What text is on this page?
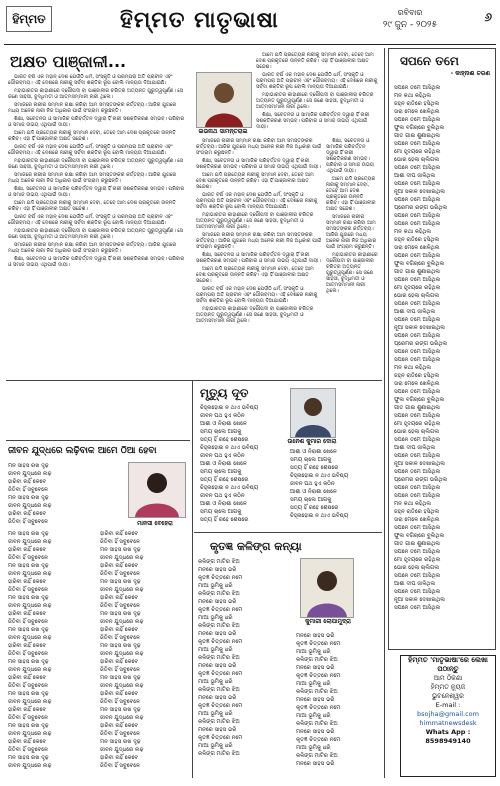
ହିମ୍ମତ	ହିମ୍ମତ ମାତୃଭାଷା	ରବିବାର
୨୯ ଜୁନ - ୨୦୨୫
୬
ଅକ୍ଷତ ପାଞ୍ଜାଳୀ...
ଇଭନାଥ ସାମନ୍ତରାଇ

ଭାରତ ବର୍ଷ ଏକ ମହାନ୍ ଦେଶ ଯେଉଁଠି ଧର୍ମ, ସଂସ୍କୃତି ଓ ପରମ୍ପରା ଅତି ପ୍ରାଚୀନ ଏବଂ ଗୌରବମୟ। ଏହି ଦେଶରେ ନାରୀକୁ ସର୍ବଦା ଶକ୍ତିର ରୂପ ବୋଲି ମାନ୍ୟତା ଦିଆଯାଇଛି।

ମହାଭାରତର କାହାଣୀରେ ଦ୍ରୌପଦୀ ବା ପାଞ୍ଜାଳୀର ଚରିତ୍ର ଅତ୍ୟନ୍ତ ଗୁରୁତ୍ୱପୂର୍ଣ୍ଣ। ସେ ଜଣେ ସାହସୀ, ବୁଦ୍ଧିମତୀ ଓ ଆତ୍ମସମ୍ମାନୀ ନାରୀ ଥିଲେ।

ସମାଜରେ ନାରୀର ସମ୍ମାନ ରକ୍ଷା କରିବା ଆମ ସମସ୍ତଙ୍କର କର୍ତ୍ତବ୍ୟ। ଆଜିର ଯୁଗରେ ମଧ୍ୟ ଅନେକ ନାରୀ ନିଜ ଅଧିକାର ପାଇଁ ସଂଗ୍ରାମ କରୁଛନ୍ତି।

ଶିକ୍ଷା, ସଚେତନତା ଓ ସାମାଜିକ ପରିବର୍ତ୍ତନ ଦ୍ୱାରା ହିଁ ନାରୀ ସଶକ୍ତିକରଣ ସମ୍ଭବ। ପରିବାର ଓ ସମାଜ ଉଭୟ ଏଥିପାଇଁ ଦାୟୀ।

ଆମେ ଯଦି ପ୍ରତ୍ୟେକ ନାରୀକୁ ସମ୍ମାନ ଦେବା, ତେବେ ଆମ ଦେଶ ପ୍ରକୃତରେ ଉନ୍ନତି କରିବ। ଏହା ହିଁ ପାଞ୍ଜାଳୀର ଅକ୍ଷତ ସନ୍ଦେଶ।

ଭାରତ ବର୍ଷ ଏକ ମହାନ୍ ଦେଶ ଯେଉଁଠି ଧର୍ମ, ସଂସ୍କୃତି ଓ ପରମ୍ପରା ଅତି ପ୍ରାଚୀନ ଏବଂ ଗୌରବମୟ। ଏହି ଦେଶରେ ନାରୀକୁ ସର୍ବଦା ଶକ୍ତିର ରୂପ ବୋଲି ମାନ୍ୟତା ଦିଆଯାଇଛି।

ମହାଭାରତର କାହାଣୀରେ ଦ୍ରୌପଦୀ ବା ପାଞ୍ଜାଳୀର ଚରିତ୍ର ଅତ୍ୟନ୍ତ ଗୁରୁତ୍ୱପୂର୍ଣ୍ଣ। ସେ ଜଣେ ସାହସୀ, ବୁଦ୍ଧିମତୀ ଓ ଆତ୍ମସମ୍ମାନୀ ନାରୀ ଥିଲେ।

ସମାଜରେ ନାରୀର ସମ୍ମାନ ରକ୍ଷା କରିବା ଆମ ସମସ୍ତଙ୍କର କର୍ତ୍ତବ୍ୟ। ଆଜିର ଯୁଗରେ ମଧ୍ୟ ଅନେକ ନାରୀ ନିଜ ଅଧିକାର ପାଇଁ ସଂଗ୍ରାମ କରୁଛନ୍ତି।

ଶିକ୍ଷା, ସଚେତନତା ଓ ସାମାଜିକ ପରିବର୍ତ୍ତନ ଦ୍ୱାରା ହିଁ ନାରୀ ସଶକ୍ତିକରଣ ସମ୍ଭବ। ପରିବାର ଓ ସମାଜ ଉଭୟ ଏଥିପାଇଁ ଦାୟୀ।

ଆମେ ଯଦି ପ୍ରତ୍ୟେକ ନାରୀକୁ ସମ୍ମାନ ଦେବା, ତେବେ ଆମ ଦେଶ ପ୍ରକୃତରେ ଉନ୍ନତି କରିବ। ଏହା ହିଁ ପାଞ୍ଜାଳୀର ଅକ୍ଷତ ସନ୍ଦେଶ।

ଭାରତ ବର୍ଷ ଏକ ମହାନ୍ ଦେଶ ଯେଉଁଠି ଧର୍ମ, ସଂସ୍କୃତି ଓ ପରମ୍ପରା ଅତି ପ୍ରାଚୀନ ଏବଂ ଗୌରବମୟ। ଏହି ଦେଶରେ ନାରୀକୁ ସର୍ବଦା ଶକ୍ତିର ରୂପ ବୋଲି ମାନ୍ୟତା ଦିଆଯାଇଛି।

ମହାଭାରତର କାହାଣୀରେ ଦ୍ରୌପଦୀ ବା ପାଞ୍ଜାଳୀର ଚରିତ୍ର ଅତ୍ୟନ୍ତ ଗୁରୁତ୍ୱପୂର୍ଣ୍ଣ। ସେ ଜଣେ ସାହସୀ, ବୁଦ୍ଧିମତୀ ଓ ଆତ୍ମସମ୍ମାନୀ ନାରୀ ଥିଲେ।

ସମାଜରେ ନାରୀର ସମ୍ମାନ ରକ୍ଷା କରିବା ଆମ ସମସ୍ତଙ୍କର କର୍ତ୍ତବ୍ୟ। ଆଜିର ଯୁଗରେ ମଧ୍ୟ ଅନେକ ନାରୀ ନିଜ ଅଧିକାର ପାଇଁ ସଂଗ୍ରାମ କରୁଛନ୍ତି।

ଶିକ୍ଷା, ସଚେତନତା ଓ ସାମାଜିକ ପରିବର୍ତ୍ତନ ଦ୍ୱାରା ହିଁ ନାରୀ ସଶକ୍ତିକରଣ ସମ୍ଭବ। ପରିବାର ଓ ସମାଜ ଉଭୟ ଏଥିପାଇଁ ଦାୟୀ।

ସମାଜରେ ନାରୀର ସମ୍ମାନ ରକ୍ଷା କରିବା ଆମ ସମସ୍ତଙ୍କର କର୍ତ୍ତବ୍ୟ। ଆଜିର ଯୁଗରେ ମଧ୍ୟ ଅନେକ ନାରୀ ନିଜ ଅଧିକାର ପାଇଁ ସଂଗ୍ରାମ କରୁଛନ୍ତି।

ଶିକ୍ଷା, ସଚେତନତା ଓ ସାମାଜିକ ପରିବର୍ତ୍ତନ ଦ୍ୱାରା ହିଁ ନାରୀ ସଶକ୍ତିକରଣ ସମ୍ଭବ। ପରିବାର ଓ ସମାଜ ଉଭୟ ଏଥିପାଇଁ ଦାୟୀ।

ଆମେ ଯଦି ପ୍ରତ୍ୟେକ ନାରୀକୁ ସମ୍ମାନ ଦେବା, ତେବେ ଆମ ଦେଶ ପ୍ରକୃତରେ ଉନ୍ନତି କରିବ। ଏହା ହିଁ ପାଞ୍ଜାଳୀର ଅକ୍ଷତ ସନ୍ଦେଶ।

ଭାରତ ବର୍ଷ ଏକ ମହାନ୍ ଦେଶ ଯେଉଁଠି ଧର୍ମ, ସଂସ୍କୃତି ଓ ପରମ୍ପରା ଅତି ପ୍ରାଚୀନ ଏବଂ ଗୌରବମୟ। ଏହି ଦେଶରେ ନାରୀକୁ ସର୍ବଦା ଶକ୍ତିର ରୂପ ବୋଲି ମାନ୍ୟତା ଦିଆଯାଇଛି।

ମହାଭାରତର କାହାଣୀରେ ଦ୍ରୌପଦୀ ବା ପାଞ୍ଜାଳୀର ଚରିତ୍ର ଅତ୍ୟନ୍ତ ଗୁରୁତ୍ୱପୂର୍ଣ୍ଣ। ସେ ଜଣେ ସାହସୀ, ବୁଦ୍ଧିମତୀ ଓ ଆତ୍ମସମ୍ମାନୀ ନାରୀ ଥିଲେ।

ସମାଜରେ ନାରୀର ସମ୍ମାନ ରକ୍ଷା କରିବା ଆମ ସମସ୍ତଙ୍କର କର୍ତ୍ତବ୍ୟ। ଆଜିର ଯୁଗରେ ମଧ୍ୟ ଅନେକ ନାରୀ ନିଜ ଅଧିକାର ପାଇଁ ସଂଗ୍ରାମ କରୁଛନ୍ତି।

ଶିକ୍ଷା, ସଚେତନତା ଓ ସାମାଜିକ ପରିବର୍ତ୍ତନ ଦ୍ୱାରା ହିଁ ନାରୀ ସଶକ୍ତିକରଣ ସମ୍ଭବ। ପରିବାର ଓ ସମାଜ ଉଭୟ ଏଥିପାଇଁ ଦାୟୀ।

ଆମେ ଯଦି ପ୍ରତ୍ୟେକ ନାରୀକୁ ସମ୍ମାନ ଦେବା, ତେବେ ଆମ ଦେଶ ପ୍ରକୃତରେ ଉନ୍ନତି କରିବ। ଏହା ହିଁ ପାଞ୍ଜାଳୀର ଅକ୍ଷତ ସନ୍ଦେଶ।

ଭାରତ ବର୍ଷ ଏକ ମହାନ୍ ଦେଶ ଯେଉଁଠି ଧର୍ମ, ସଂସ୍କୃତି ଓ ପରମ୍ପରା ଅତି ପ୍ରାଚୀନ ଏବଂ ଗୌରବମୟ। ଏହି ଦେଶରେ ନାରୀକୁ ସର୍ବଦା ଶକ୍ତିର ରୂପ ବୋଲି ମାନ୍ୟତା ଦିଆଯାଇଛି।

ମହାଭାରତର କାହାଣୀରେ ଦ୍ରୌପଦୀ ବା ପାଞ୍ଜାଳୀର ଚରିତ୍ର ଅତ୍ୟନ୍ତ ଗୁରୁତ୍ୱପୂର୍ଣ୍ଣ। ସେ ଜଣେ ସାହସୀ, ବୁଦ୍ଧିମତୀ ଓ ଆତ୍ମସମ୍ମାନୀ ନାରୀ ଥିଲେ।

ଆମେ ଯଦି ପ୍ରତ୍ୟେକ ନାରୀକୁ ସମ୍ମାନ ଦେବା, ତେବେ ଆମ ଦେଶ ପ୍ରକୃତରେ ଉନ୍ନତି କରିବ। ଏହା ହିଁ ପାଞ୍ଜାଳୀର ଅକ୍ଷତ ସନ୍ଦେଶ।

ଭାରତ ବର୍ଷ ଏକ ମହାନ୍ ଦେଶ ଯେଉଁଠି ଧର୍ମ, ସଂସ୍କୃତି ଓ ପରମ୍ପରା ଅତି ପ୍ରାଚୀନ ଏବଂ ଗୌରବମୟ। ଏହି ଦେଶରେ ନାରୀକୁ ସର୍ବଦା ଶକ୍ତିର ରୂପ ବୋଲି ମାନ୍ୟତା ଦିଆଯାଇଛି।

ମହାଭାରତର କାହାଣୀରେ ଦ୍ରୌପଦୀ ବା ପାଞ୍ଜାଳୀର ଚରିତ୍ର ଅତ୍ୟନ୍ତ ଗୁରୁତ୍ୱପୂର୍ଣ୍ଣ। ସେ ଜଣେ ସାହସୀ, ବୁଦ୍ଧିମତୀ ଓ ଆତ୍ମସମ୍ମାନୀ ନାରୀ ଥିଲେ।

ଶିକ୍ଷା, ସଚେତନତା ଓ ସାମାଜିକ ପରିବର୍ତ୍ତନ ଦ୍ୱାରା ହିଁ ନାରୀ ସଶକ୍ତିକରଣ ସମ୍ଭବ। ପରିବାର ଓ ସମାଜ ଉଭୟ ଏଥିପାଇଁ ଦାୟୀ।

ଶିକ୍ଷା, ସଚେତନତା ଓ ସାମାଜିକ ପରିବର୍ତ୍ତନ ଦ୍ୱାରା ହିଁ ନାରୀ ସଶକ୍ତିକରଣ ସମ୍ଭବ। ପରିବାର ଓ ସମାଜ ଉଭୟ ଏଥିପାଇଁ ଦାୟୀ।

ଆମେ ଯଦି ପ୍ରତ୍ୟେକ ନାରୀକୁ ସମ୍ମାନ ଦେବା, ତେବେ ଆମ ଦେଶ ପ୍ରକୃତରେ ଉନ୍ନତି କରିବ। ଏହା ହିଁ ପାଞ୍ଜାଳୀର ଅକ୍ଷତ ସନ୍ଦେଶ।

ସମାଜରେ ନାରୀର ସମ୍ମାନ ରକ୍ଷା କରିବା ଆମ ସମସ୍ତଙ୍କର କର୍ତ୍ତବ୍ୟ। ଆଜିର ଯୁଗରେ ମଧ୍ୟ ଅନେକ ନାରୀ ନିଜ ଅଧିକାର ପାଇଁ ସଂଗ୍ରାମ କରୁଛନ୍ତି।

ମହାଭାରତର କାହାଣୀରେ ଦ୍ରୌପଦୀ ବା ପାଞ୍ଜାଳୀର ଚରିତ୍ର ଅତ୍ୟନ୍ତ ଗୁରୁତ୍ୱପୂର୍ଣ୍ଣ। ସେ ଜଣେ ସାହସୀ, ବୁଦ୍ଧିମତୀ ଓ ଆତ୍ମସମ୍ମାନୀ ନାରୀ ଥିଲେ।

ସପନେ ତମେ
- କାହ୍ନାଈ ଚରଣ
ସପନେ ତମେ ଆସିଥିଲ
ମନ କଥା କହିଥିଲ
ଜହ୍ନ ରାତିରେ ହସିଥିଲ
ତାରା ମେଳେ ଖେଳିଥିଲ
ସପନେ ତମେ ଆସିଥିଲ
ଫୁଲ ବଗିଚାରେ ବୁଲିଥିଲ
ଗୀତ ଗାଇ ଶୁଣାଇଥିଲ
ସପନେ ତମେ ଆସିଥିଲ
ମୋ ହୃଦୟରେ ରହିଥିଲ
ଭୋର ହେଲା ଚାଲିଗଲ
ସପନେ ତମେ ଆସିଥିଲ
ଆଶା ଦୀପ ଜାଳିଥିଲ
ସପନେ ତମେ ଆସିଥିଲ
ନୂଆ ସକାଳ ଦେଖାଇଥିଲ
ସପନେ ତମେ ଆସିଥିଲ
ପ୍ରେମର ରଙ୍ଗ ଭରିଥିଲ
ସପନେ ତମେ ଆସିଥିଲ
ସପନେ ତମେ ଆସିଥିଲ
ମନ କଥା କହିଥିଲ
ଜହ୍ନ ରାତିରେ ହସିଥିଲ
ତାରା ମେଳେ ଖେଳିଥିଲ
ସପନେ ତମେ ଆସିଥିଲ
ଫୁଲ ବଗିଚାରେ ବୁଲିଥିଲ
ଗୀତ ଗାଇ ଶୁଣାଇଥିଲ
ସପନେ ତମେ ଆସିଥିଲ
ମୋ ହୃଦୟରେ ରହିଥିଲ
ଭୋର ହେଲା ଚାଲିଗଲ
ସପନେ ତମେ ଆସିଥିଲ
ଆଶା ଦୀପ ଜାଳିଥିଲ
ସପନେ ତମେ ଆସିଥିଲ
ନୂଆ ସକାଳ ଦେଖାଇଥିଲ
ସପନେ ତମେ ଆସିଥିଲ
ପ୍ରେମର ରଙ୍ଗ ଭରିଥିଲ
ସପନେ ତମେ ଆସିଥିଲ
ସପନେ ତମେ ଆସିଥିଲ
ମନ କଥା କହିଥିଲ
ଜହ୍ନ ରାତିରେ ହସିଥିଲ
ତାରା ମେଳେ ଖେଳିଥିଲ
ସପନେ ତମେ ଆସିଥିଲ
ଫୁଲ ବଗିଚାରେ ବୁଲିଥିଲ
ଗୀତ ଗାଇ ଶୁଣାଇଥିଲ
ସପନେ ତମେ ଆସିଥିଲ
ମୋ ହୃଦୟରେ ରହିଥିଲ
ଭୋର ହେଲା ଚାଲିଗଲ
ସପନେ ତମେ ଆସିଥିଲ
ଆଶା ଦୀପ ଜାଳିଥିଲ
ସପନେ ତମେ ଆସିଥିଲ
ନୂଆ ସକାଳ ଦେଖାଇଥିଲ
ସପନେ ତମେ ଆସିଥିଲ
ପ୍ରେମର ରଙ୍ଗ ଭରିଥିଲ
ସପନେ ତମେ ଆସିଥିଲ
ସପନେ ତମେ ଆସିଥିଲ
ମନ କଥା କହିଥିଲ
ଜହ୍ନ ରାତିରେ ହସିଥିଲ
ତାରା ମେଳେ ଖେଳିଥିଲ
ସପନେ ତମେ ଆସିଥିଲ
ଫୁଲ ବଗିଚାରେ ବୁଲିଥିଲ
ଗୀତ ଗାଇ ଶୁଣାଇଥିଲ
ସପନେ ତମେ ଆସିଥିଲ
ମୋ ହୃଦୟରେ ରହିଥିଲ
ଭୋର ହେଲା ଚାଲିଗଲ
ସପନେ ତମେ ଆସିଥିଲ
ଆଶା ଦୀପ ଜାଳିଥିଲ
ସପନେ ତମେ ଆସିଥିଲ
ନୂଆ ସକାଳ ଦେଖାଇଥିଲ
ସପନେ ତମେ ଆସିଥିଲ
ମୃତ୍ୟୁ ଦୂତ
ଉନେଶ କୁମାର ଦୋରା
ଚିହ୍ନାହୋଇ ନ ଥାଏ ଭବିଷ୍ୟ
ଜୀବନ ପଥ ହୁଏ କଠିନ
ଆଶା ଓ ନିରାଶା ଖେଳେ
ସମୟ ଚାଲେ ଆଗକୁ
ସତ୍ୟ ହିଁ ରହେ ଶେଷରେ
ଚିହ୍ନାହୋଇ ନ ଥାଏ ଭବିଷ୍ୟ
ଜୀବନ ପଥ ହୁଏ କଠିନ
ଆଶା ଓ ନିରାଶା ଖେଳେ
ସମୟ ଚାଲେ ଆଗକୁ
ସତ୍ୟ ହିଁ ରହେ ଶେଷରେ
ଚିହ୍ନାହୋଇ ନ ଥାଏ ଭବିଷ୍ୟ
ଜୀବନ ପଥ ହୁଏ କଠିନ
ଆଶା ଓ ନିରାଶା ଖେଳେ
ସମୟ ଚାଲେ ଆଗକୁ
ସତ୍ୟ ହିଁ ରହେ ଶେଷରେ
ଆଶା ଓ ନିରାଶା ଖେଳେ
ସମୟ ଚାଲେ ଆଗକୁ
ସତ୍ୟ ହିଁ ରହେ ଶେଷରେ
ଚିହ୍ନାହୋଇ ନ ଥାଏ ଭବିଷ୍ୟ
ଜୀବନ ପଥ ହୁଏ କଠିନ
ଆଶା ଓ ନିରାଶା ଖେଳେ
ସମୟ ଚାଲେ ଆଗକୁ
ସତ୍ୟ ହିଁ ରହେ ଶେଷରେ
ଚିହ୍ନାହୋଇ ନ ଥାଏ ଭବିଷ୍ୟ
ଜୀବନ ଯୁଦ୍ଧରେ ଲଢ଼ିବାକ ଆମେ ଠିଆ ହେବା
ମାନସୀ ବେହେରା
ମନ ସାହସ ରଖ ଦୃଢ଼
ଜୀବନ ଯୁଦ୍ଧରେ ଲଢ଼
ହାରିବା ନାହିଁ କେବେ
ଜିତିବା ହିଁ ସବୁବେଳେ
ମନ ସାହସ ରଖ ଦୃଢ଼
ଜୀବନ ଯୁଦ୍ଧରେ ଲଢ଼
ହାରିବା ନାହିଁ କେବେ
ଜିତିବା ହିଁ ସବୁବେଳେ
ମନ ସାହସ ରଖ ଦୃଢ଼
ଜୀବନ ଯୁଦ୍ଧରେ ଲଢ଼
ହାରିବା ନାହିଁ କେବେ
ଜିତିବା ହିଁ ସବୁବେଳେ
ମନ ସାହସ ରଖ ଦୃଢ଼
ଜୀବନ ଯୁଦ୍ଧରେ ଲଢ଼
ହାରିବା ନାହିଁ କେବେ
ଜିତିବା ହିଁ ସବୁବେଳେ
ମନ ସାହସ ରଖ ଦୃଢ଼
ଜୀବନ ଯୁଦ୍ଧରେ ଲଢ଼
ହାରିବା ନାହିଁ କେବେ
ଜିତିବା ହିଁ ସବୁବେଳେ
ମନ ସାହସ ରଖ ଦୃଢ଼
ଜୀବନ ଯୁଦ୍ଧରେ ଲଢ଼
ହାରିବା ନାହିଁ କେବେ
ଜିତିବା ହିଁ ସବୁବେଳେ
ମନ ସାହସ ରଖ ଦୃଢ଼
ଜୀବନ ଯୁଦ୍ଧରେ ଲଢ଼
ହାରିବା ନାହିଁ କେବେ
ଜିତିବା ହିଁ ସବୁବେଳେ
ମନ ସାହସ ରଖ ଦୃଢ଼
ଜୀବନ ଯୁଦ୍ଧରେ ଲଢ଼
ହାରିବା ନାହିଁ କେବେ
ଜିତିବା ହିଁ ସବୁବେଳେ
ମନ ସାହସ ରଖ ଦୃଢ଼
ଜୀବନ ଯୁଦ୍ଧରେ ଲଢ଼
ହାରିବା ନାହିଁ କେବେ
ଜିତିବା ହିଁ ସବୁବେଳେ
ମନ ସାହସ ରଖ ଦୃଢ଼
ଜୀବନ ଯୁଦ୍ଧରେ ଲଢ଼
ହାରିବା ନାହିଁ କେବେ
ଜିତିବା ହିଁ ସବୁବେଳେ
ମନ ସାହସ ରଖ ଦୃଢ଼
ଜୀବନ ଯୁଦ୍ଧରେ ଲଢ଼
ହାରିବା ନାହିଁ କେବେ
ଜିତିବା ହିଁ ସବୁବେଳେ
ମନ ସାହସ ରଖ ଦୃଢ଼
ଜୀବନ ଯୁଦ୍ଧରେ ଲଢ଼
ହାରିବା ନାହିଁ କେବେ
ଜିତିବା ହିଁ ସବୁବେଳେ
ମନ ସାହସ ରଖ ଦୃଢ଼
ଜୀବନ ଯୁଦ୍ଧରେ ଲଢ଼
ହାରିବା ନାହିଁ କେବେ
ଜିତିବା ହିଁ ସବୁବେଳେ
ମନ ସାହସ ରଖ ଦୃଢ଼
ଜୀବନ ଯୁଦ୍ଧରେ ଲଢ଼
ହାରିବା ନାହିଁ କେବେ
ଜିତିବା ହିଁ ସବୁବେଳେ
ମନ ସାହସ ରଖ ଦୃଢ଼
ଜୀବନ ଯୁଦ୍ଧରେ ଲଢ଼
ହାରିବା ନାହିଁ କେବେ
ଜିତିବା ହିଁ ସବୁବେଳେ
ମନ ସାହସ ରଖ ଦୃଢ଼
ଜୀବନ ଯୁଦ୍ଧରେ ଲଢ଼
ହାରିବା ନାହିଁ କେବେ
ଜିତିବା ହିଁ ସବୁବେଳେ
ମନ ସାହସ ରଖ ଦୃଢ଼
ଜୀବନ ଯୁଦ୍ଧରେ ଲଢ଼
ହାରିବା ନାହିଁ କେବେ
ଜିତିବା ହିଁ ସବୁବେଳେ
କୃତଜ୍ଞ କଳିଙ୍ଗ କନ୍ୟା
କୁମାରୀ ଲୋପାମୁଦ୍ରା
କଳିଙ୍ଗ ମାଟିର ଝିଅ
ମନରେ ସାହସ ଭରି
କୃତଜ୍ଞ ଚିତ୍ତରେ ନମେ
ମାଆ ଭୂମିକୁ ଧରି
କଳିଙ୍ଗ ମାଟିର ଝିଅ
ମନରେ ସାହସ ଭରି
କୃତଜ୍ଞ ଚିତ୍ତରେ ନମେ
ମାଆ ଭୂମିକୁ ଧରି
କଳିଙ୍ଗ ମାଟିର ଝିଅ
ମନରେ ସାହସ ଭରି
କୃତଜ୍ଞ ଚିତ୍ତରେ ନମେ
ମାଆ ଭୂମିକୁ ଧରି
କଳିଙ୍ଗ ମାଟିର ଝିଅ
ମନରେ ସାହସ ଭରି
କୃତଜ୍ଞ ଚିତ୍ତରେ ନମେ
ମାଆ ଭୂମିକୁ ଧରି
କଳିଙ୍ଗ ମାଟିର ଝିଅ
ମନରେ ସାହସ ଭରି
କୃତଜ୍ଞ ଚିତ୍ତରେ ନମେ
ମାଆ ଭୂମିକୁ ଧରି
କଳିଙ୍ଗ ମାଟିର ଝିଅ
ମନରେ ସାହସ ଭରି
କୃତଜ୍ଞ ଚିତ୍ତରେ ନମେ
ମାଆ ଭୂମିକୁ ଧରି
କଳିଙ୍ଗ ମାଟିର ଝିଅ
ମନରେ ସାହସ ଭରି
କୃତଜ୍ଞ ଚିତ୍ତରେ ନମେ
ମାଆ ଭୂମିକୁ ଧରି
କଳିଙ୍ଗ ମାଟିର ଝିଅ
ମନରେ ସାହସ ଭରି
କୃତଜ୍ଞ ଚିତ୍ତରେ ନମେ
ମାଆ ଭୂମିକୁ ଧରି
କଳିଙ୍ଗ ମାଟିର ଝିଅ
ମନରେ ସାହସ ଭରି
କୃତଜ୍ଞ ଚିତ୍ତରେ ନମେ
ମାଆ ଭୂମିକୁ ଧରି
କଳିଙ୍ଗ ମାଟିର ଝିଅ
ମନରେ ସାହସ ଭରି
କୃତଜ୍ଞ ଚିତ୍ତରେ ନମେ
ମାଆ ଭୂମିକୁ ଧରି
କଳିଙ୍ଗ ମାଟିର ଝିଅ
ମନରେ ସାହସ ଭରି
ହିମ୍ମତ 'ମାତୃଭାଷା'ରେ ଲେଖା ପଠାନ୍ତୁ
ଆମ ଠିକଣା
ହିମ୍ମତ ନ୍ୟୁଜ
ଭୁବନେଶ୍ୱର
E-mail :
bsojha@gmail.com
himmatnewsdesk
Whats App :
8598949140
